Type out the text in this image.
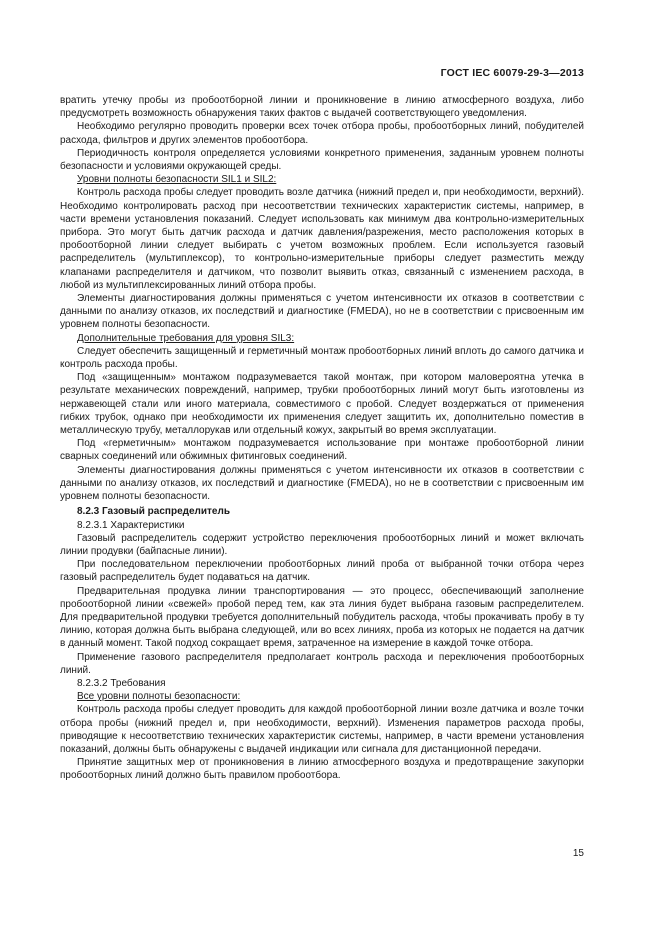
ГОСТ IEC 60079-29-3—2013

вратить утечку пробы из пробоотборной линии и проникновение в линию атмосферного воздуха, либо предусмотреть возможность обнаружения таких фактов с выдачей соответствующего уведомления.

Необходимо регулярно проводить проверки всех точек отбора пробы, пробоотборных линий, побудителей расхода, фильтров и других элементов пробоотбора.

Периодичность контроля определяется условиями конкретного применения, заданным уровнем полноты безопасности и условиями окружающей среды.

Уровни полноты безопасности SIL1 и SIL2:

Контроль расхода пробы следует проводить возле датчика (нижний предел и, при необходимости, верхний). Необходимо контролировать расход при несоответствии технических характеристик системы, например, в части времени установления показаний. Следует использовать как минимум два контрольно-измерительных прибора. Это могут быть датчик расхода и датчик давления/разрежения, место расположения которых в пробоотборной линии следует выбирать с учетом возможных проблем. Если используется газовый распределитель (мультиплексор), то контрольно-измерительные приборы следует разместить между клапанами распределителя и датчиком, что позволит выявить отказ, связанный с изменением расхода, в любой из мультиплексированных линий отбора пробы.

Элементы диагностирования должны применяться с учетом интенсивности их отказов в соответствии с данными по анализу отказов, их последствий и диагностике (FMEDA), но не в соответствии с присвоенным им уровнем полноты безопасности.

Дополнительные требования для уровня SIL3:

Следует обеспечить защищенный и герметичный монтаж пробоотборных линий вплоть до самого датчика и контроль расхода пробы.

Под «защищенным» монтажом подразумевается такой монтаж, при котором маловероятна утечка в результате механических повреждений, например, трубки пробоотборных линий могут быть изготовлены из нержавеющей стали или иного материала, совместимого с пробой. Следует воздержаться от применения гибких трубок, однако при необходимости их применения следует защитить их, дополнительно поместив в металлическую трубу, металлорукав или отдельный кожух, закрытый во время эксплуатации.

Под «герметичным» монтажом подразумевается использование при монтаже пробоотборной линии сварных соединений или обжимных фитинговых соединений.

Элементы диагностирования должны применяться с учетом интенсивности их отказов в соответствии с данными по анализу отказов, их последствий и диагностике (FMEDA), но не в соответствии с присвоенным им уровнем полноты безопасности.

8.2.3 Газовый распределитель

8.2.3.1 Характеристики

Газовый распределитель содержит устройство переключения пробоотборных линий и может включать линии продувки (байпасные линии).

При последовательном переключении пробоотборных линий проба от выбранной точки отбора через газовый распределитель будет подаваться на датчик.

Предварительная продувка линии транспортирования — это процесс, обеспечивающий заполнение пробоотборной линии «свежей» пробой перед тем, как эта линия будет выбрана газовым распределителем. Для предварительной продувки требуется дополнительный побудитель расхода, чтобы прокачивать пробу в ту линию, которая должна быть выбрана следующей, или во всех линиях, проба из которых не подается на датчик в данный момент. Такой подход сокращает время, затраченное на измерение в каждой точке отбора.

Применение газового распределителя предполагает контроль расхода и переключения пробоотборных линий.

8.2.3.2 Требования

Все уровни полноты безопасности:

Контроль расхода пробы следует проводить для каждой пробоотборной линии возле датчика и возле точки отбора пробы (нижний предел и, при необходимости, верхний). Изменения параметров расхода пробы, приводящие к несоответствию технических характеристик системы, например, в части времени установления показаний, должны быть обнаружены с выдачей индикации или сигнала для дистанционной передачи.

Принятие защитных мер от проникновения в линию атмосферного воздуха и предотвращение закупорки пробоотборных линий должно быть правилом пробоотбора.

15
